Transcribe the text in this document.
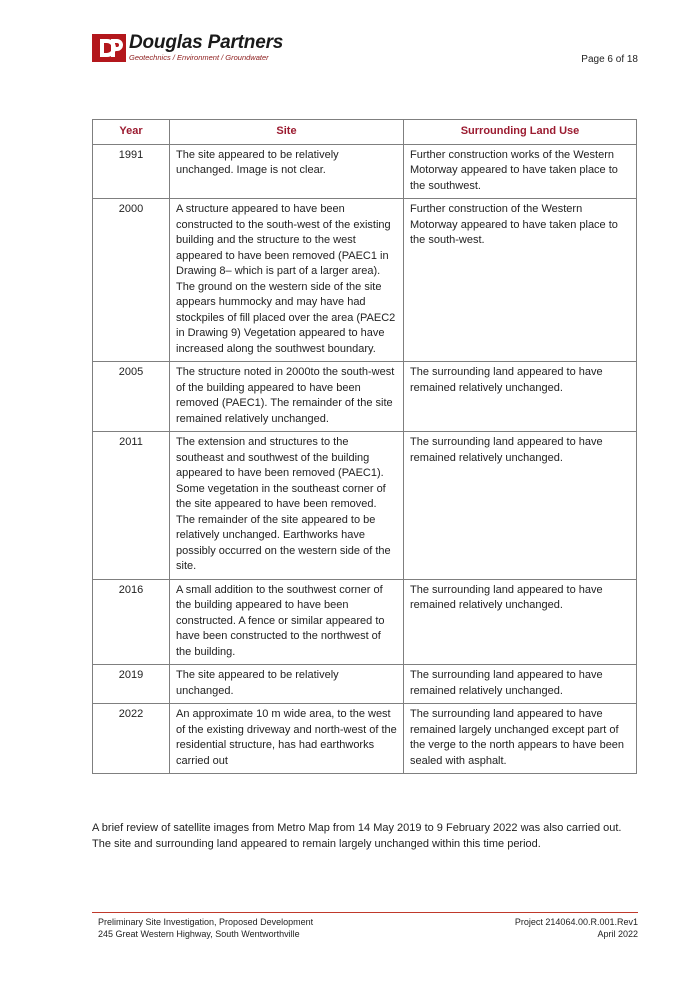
Douglas Partners
Geotechnics / Environment / Groundwater	Page 6 of 18
Year	Site	Surrounding Land Use
1991	The site appeared to be relatively unchanged. Image is not clear.	Further construction works of the Western Motorway appeared to have taken place to the southwest.
2000	A structure appeared to have been constructed to the south-west of the existing building and the structure to the west appeared to have been removed (PAEC1 in Drawing 8– which is part of a larger area). The ground on the western side of the site appears hummocky and may have had stockpiles of fill placed over the area (PAEC2 in Drawing 9) Vegetation appeared to have increased along the southwest boundary.	Further construction of the Western Motorway appeared to have taken place to the south-west.
2005	The structure noted in 2000to the south-west of the building appeared to have been removed (PAEC1). The remainder of the site remained relatively unchanged.	The surrounding land appeared to have remained relatively unchanged.
2011	The extension and structures to the southeast and southwest of the building appeared to have been removed (PAEC1). Some vegetation in the southeast corner of the site appeared to have been removed. The remainder of the site appeared to be relatively unchanged. Earthworks have possibly occurred on the western side of the site.	The surrounding land appeared to have remained relatively unchanged.
2016	A small addition to the southwest corner of the building appeared to have been constructed. A fence or similar appeared to have been constructed to the northwest of the building.	The surrounding land appeared to have remained relatively unchanged.
2019	The site appeared to be relatively unchanged.	The surrounding land appeared to have remained relatively unchanged.
2022	An approximate 10 m wide area, to the west of the existing driveway and north-west of the residential structure, has had earthworks carried out	The surrounding land appeared to have remained largely unchanged except part of the verge to the north appears to have been sealed with asphalt.
A brief review of satellite images from Metro Map from 14 May 2019 to 9 February 2022 was also carried out. The site and surrounding land appeared to remain largely unchanged within this time period.
Preliminary Site Investigation, Proposed Development
245 Great Western Highway, South Wentworthville
Project 214064.00.R.001.Rev1
April 2022
